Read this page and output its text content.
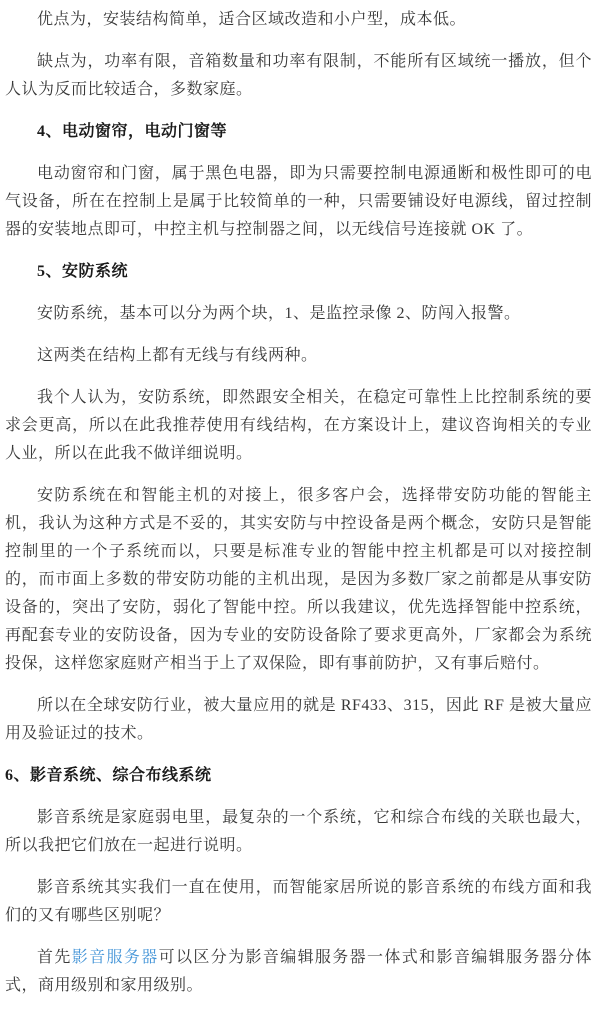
优点为，安装结构简单，适合区域改造和小户型，成本低。

缺点为，功率有限，音箱数量和功率有限制，不能所有区域统一播放，但个人认为反而比较适合，多数家庭。

4、电动窗帘，电动门窗等

电动窗帘和门窗，属于黑色电器，即为只需要控制电源通断和极性即可的电气设备，所在在控制上是属于比较简单的一种，只需要铺设好电源线，留过控制器的安装地点即可，中控主机与控制器之间，以无线信号连接就 OK 了。

5、安防系统

安防系统，基本可以分为两个块，1、是监控录像 2、防闯入报警。

这两类在结构上都有无线与有线两种。

我个人认为，安防系统，即然跟安全相关，在稳定可靠性上比控制系统的要求会更高，所以在此我推荐使用有线结构，在方案设计上，建议咨询相关的专业人业，所以在此我不做详细说明。

安防系统在和智能主机的对接上，很多客户会，选择带安防功能的智能主机，我认为这种方式是不妥的，其实安防与中控设备是两个概念，安防只是智能控制里的一个子系统而以，只要是标准专业的智能中控主机都是可以对接控制的，而市面上多数的带安防功能的主机出现，是因为多数厂家之前都是从事安防设备的，突出了安防，弱化了智能中控。所以我建议，优先选择智能中控系统，再配套专业的安防设备，因为专业的安防设备除了要求更高外，厂家都会为系统投保，这样您家庭财产相当于上了双保险，即有事前防护，又有事后赔付。

所以在全球安防行业，被大量应用的就是 RF433、315，因此 RF 是被大量应用及验证过的技术。

6、影音系统、综合布线系统

影音系统是家庭弱电里，最复杂的一个系统，它和综合布线的关联也最大，所以我把它们放在一起进行说明。

影音系统其实我们一直在使用，而智能家居所说的影音系统的布线方面和我们的又有哪些区别呢？

首先影音服务器可以区分为影音编辑服务器一体式和影音编辑服务器分体式，商用级别和家用级别。
